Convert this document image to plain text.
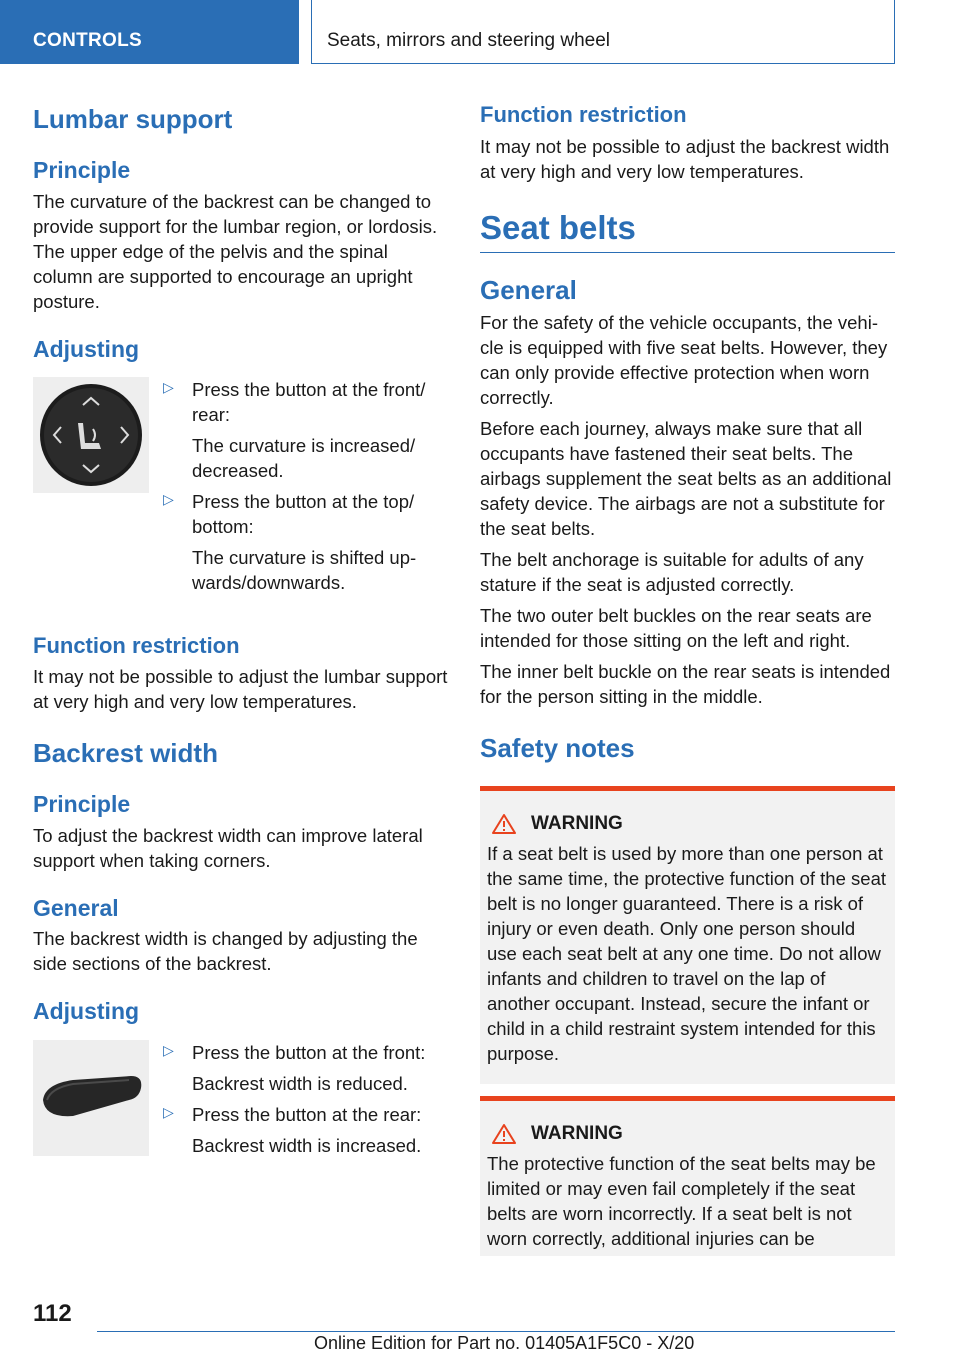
CONTROLS	Seats, mirrors and steering wheel
Lumbar support
Principle

The curvature of the backrest can be changed to provide support for the lumbar region, or lordosis. The upper edge of the pelvis and the spinal column are supported to encourage an upright posture.

Adjusting
▷ Press the button at the front/ rear:

The curvature is increased/ decreased.

▷ Press the button at the top/ bottom:

The curvature is shifted upwards/downwards.

Function restriction

It may not be possible to adjust the lumbar support at very high and very low temperatures.

Backrest width
Principle

To adjust the backrest width can improve lateral support when taking corners.

General

The backrest width is changed by adjusting the side sections of the backrest.

Adjusting
▷ Press the button at the front:

Backrest width is reduced.

▷ Press the button at the rear:

Backrest width is increased.

Function restriction

It may not be possible to adjust the backrest width at very high and very low temperatures.

Seat belts
General

For the safety of the vehicle occupants, the vehicle is equipped with five seat belts. However, they can only provide effective protection when worn correctly.

Before each journey, always make sure that all occupants have fastened their seat belts. The airbags supplement the seat belts as an additional safety device. The airbags are not a substitute for the seat belts.

The belt anchorage is suitable for adults of any stature if the seat is adjusted correctly.

The two outer belt buckles on the rear seats are intended for those sitting on the left and right.

The inner belt buckle on the rear seats is intended for the person sitting in the middle.

Safety notes
WARNING

If a seat belt is used by more than one person at the same time, the protective function of the seat belt is no longer guaranteed. There is a risk of injury or even death. Only one person should use each seat belt at any one time. Do not allow infants and children to travel on the lap of another occupant. Instead, secure the infant or child in a child restraint system intended for this purpose.

WARNING

The protective function of the seat belts may be limited or may even fail completely if the seat belts are worn incorrectly. If a seat belt is not worn correctly, additional injuries can be

112
Online Edition for Part no. 01405A1F5C0 - X/20
